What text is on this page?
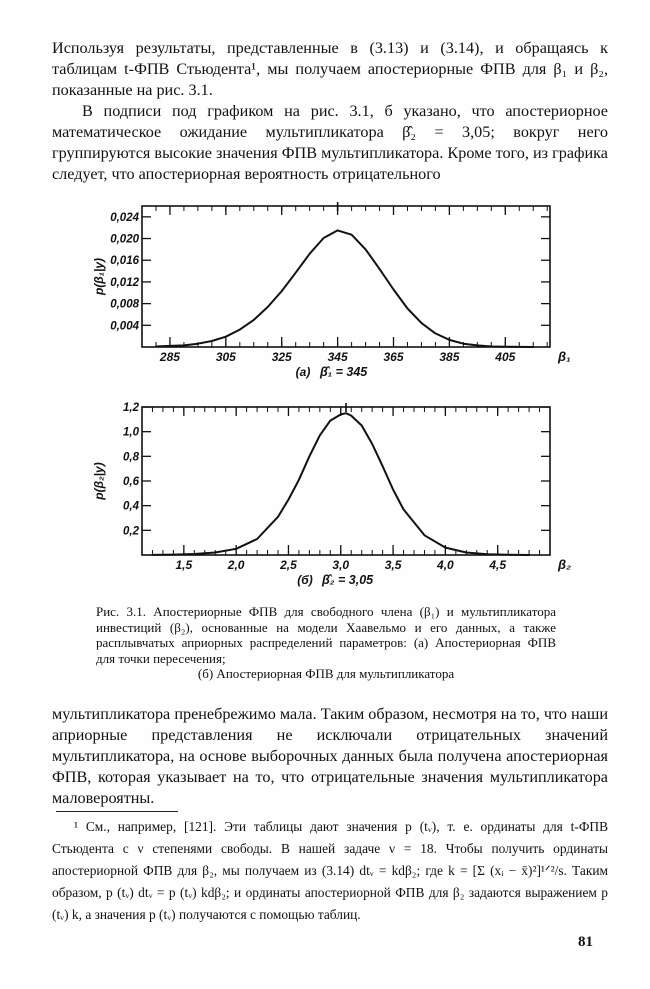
Используя результаты, представленные в (3.13) и (3.14), и обращаясь к таблицам t-ФПВ Стьюдента¹, мы получаем апостериорные ФПВ для β₁ и β₂, показанные на рис. 3.1.

В подписи под графиком на рис. 3.1, б указано, что апостериорное математическое ожидание мультипликатора β̂₂ = 3,05; вокруг него группируются высокие значения ФПВ мультипликатора. Кроме того, из графика следует, что апостериорная вероятность отрицательного

285	305	325	345	365	385	405
0,004
0,008
0,012
0,016
0,020
0,024
β₁
p(β₁|y)
(а) β̂₁ = 345
1,5	2,0	2,5	3,0	3,5	4,0	4,5
0,2
0,4
0,6
0,8
1,0
1,2
β₂
p(β₂|y)
(б) β̂₂ = 3,05

Рис. 3.1. Апостериорные ФПВ для свободного члена (β₁) и мультипликатора инвестиций (β₂), основанные на модели Хаавельмо и его данных, а также расплывчатых априорных распределений параметров: (а) Апостериорная ФПВ для точки пересечения;
(б) Апостериорная ФПВ для мультипликатора

мультипликатора пренебрежимо мала. Таким образом, несмотря на то, что наши априорные представления не исключали отрицательных значений мультипликатора, на основе выборочных данных была получена апостериорная ФПВ, которая указывает на то, что отрицательные значения мультипликатора маловероятны.

¹ См., например, [121]. Эти таблицы дают значения p (tᵥ), т. е. ординаты для t-ФПВ Стьюдента с ν степенями свободы. В нашей задаче ν = 18. Чтобы получить ординаты апостериорной ФПВ для β₂, мы получаем из (3.14) dtᵥ = kdβ₂; где k = [Σ (xᵢ − x̄)²]¹ᐟ²/s. Таким образом, p (tᵥ) dtᵥ = p (tᵥ) kdβ₂; и ординаты апостериорной ФПВ для β₂ задаются выражением p (tᵥ) k, а значения p (tᵥ) получаются с помощью таблиц.

81
